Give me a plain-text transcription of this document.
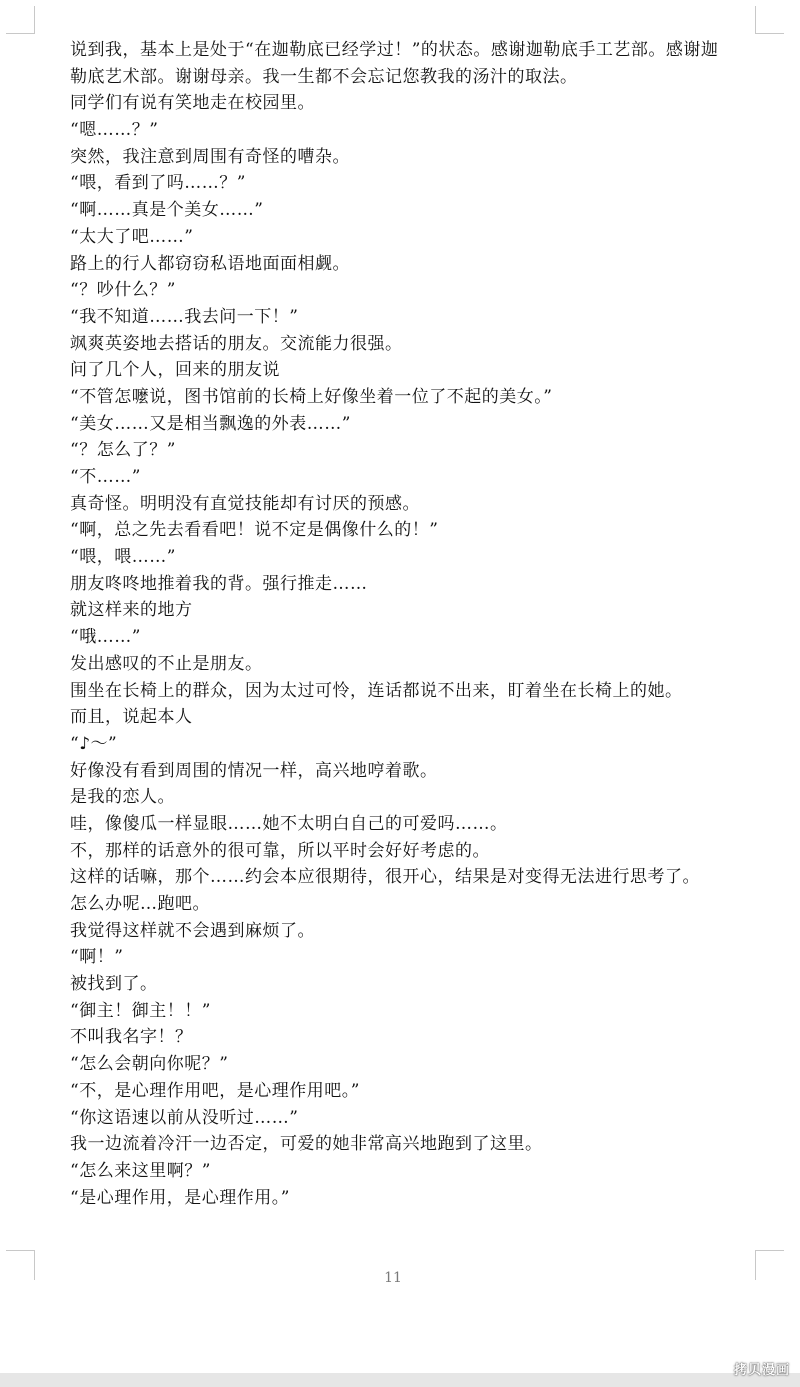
说到我，基本上是处于“在迦勒底已经学过！”的状态。感谢迦勒底手工艺部。感谢迦
勒底艺术部。谢谢母亲。我一生都不会忘记您教我的汤汁的取法。
同学们有说有笑地走在校园里。
“嗯……？”
突然，我注意到周围有奇怪的嘈杂。
“喂，看到了吗……？”
“啊……真是个美女……”
“太大了吧……”
路上的行人都窃窃私语地面面相觑。
“？吵什么？”
“我不知道……我去问一下！”
飒爽英姿地去搭话的朋友。交流能力很强。
问了几个人，回来的朋友说
“不管怎嚒说，图书馆前的长椅上好像坐着一位了不起的美女。”
“美女……又是相当飘逸的外表……”
“？怎么了？”
“不……”
真奇怪。明明没有直觉技能却有讨厌的预感。
“啊，总之先去看看吧！说不定是偶像什么的！”
“喂，喂……”
朋友咚咚地推着我的背。强行推走……
就这样来的地方
“哦……”
发出感叹的不止是朋友。
围坐在长椅上的群众，因为太过可怜，连话都说不出来，盯着坐在长椅上的她。
而且，说起本人
“♪～”
好像没有看到周围的情况一样，高兴地哼着歌。
是我的恋人。
哇，像傻瓜一样显眼……她不太明白自己的可爱吗……。
不，那样的话意外的很可靠，所以平时会好好考虑的。
这样的话嘛，那个……约会本应很期待，很开心，结果是对变得无法进行思考了。
怎么办呢…跑吧。
我觉得这样就不会遇到麻烦了。
“啊！”
被找到了。
“御主！御主！！”
不叫我名字！？
“怎么会朝向你呢？”
“不，是心理作用吧，是心理作用吧。”
“你这语速以前从没听过……”
我一边流着冷汗一边否定，可爱的她非常高兴地跑到了这里。
“怎么来这里啊？”
“是心理作用，是心理作用。”
11
拷贝漫画
